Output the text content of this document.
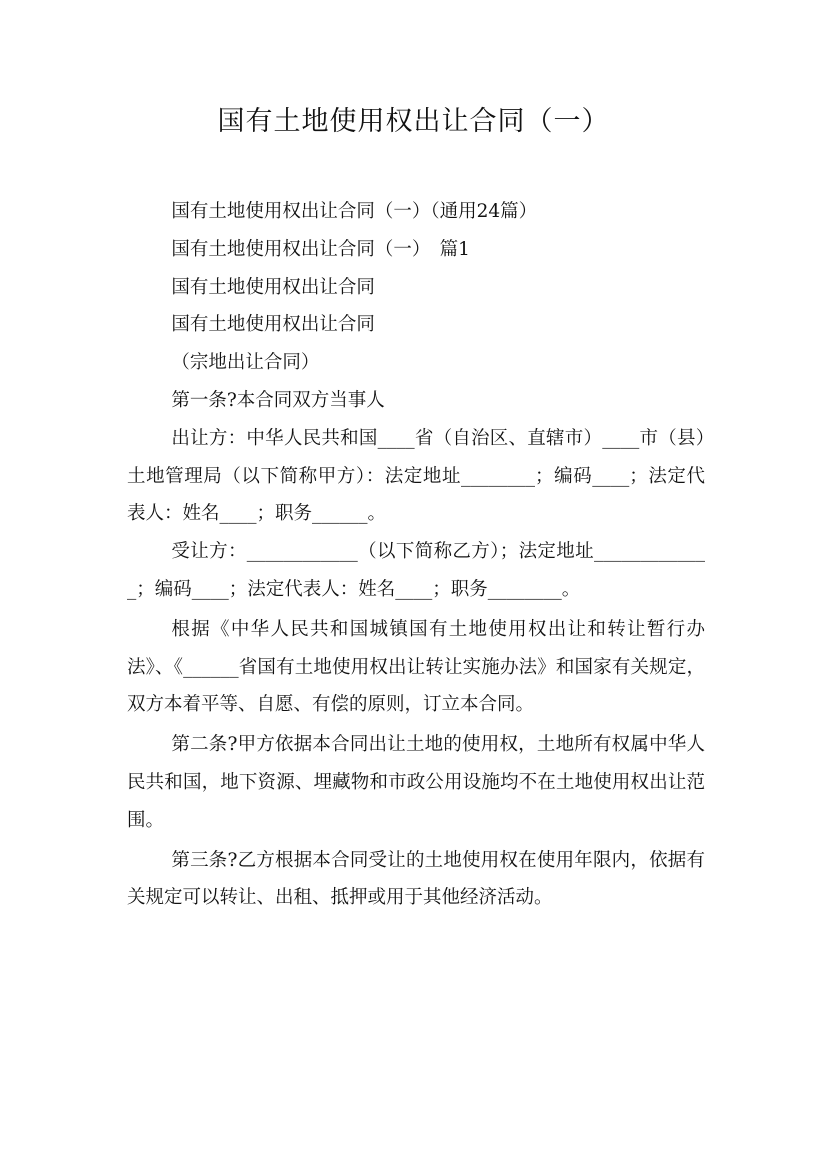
国有土地使用权出让合同（一）

国有土地使用权出让合同（一）（通用24篇）

国有土地使用权出让合同（一）　篇1

国有土地使用权出让合同

国有土地使用权出让合同

（宗地出让合同）

第一条?本合同双方当事人

出让方：中华人民共和国____省（自治区、直辖市）____市（县）土地管理局（以下简称甲方）：法定地址________；编码____；法定代表人：姓名____；职务______。

受让方：____________（以下简称乙方）；法定地址_____________；编码____；法定代表人：姓名____；职务________。

根据《中华人民共和国城镇国有土地使用权出让和转让暂行办法》、《______省国有土地使用权出让转让实施办法》和国家有关规定，双方本着平等、自愿、有偿的原则，订立本合同。

第二条?甲方依据本合同出让土地的使用权，土地所有权属中华人民共和国，地下资源、埋藏物和市政公用设施均不在土地使用权出让范围。

第三条?乙方根据本合同受让的土地使用权在使用年限内，依据有关规定可以转让、出租、抵押或用于其他经济活动。
